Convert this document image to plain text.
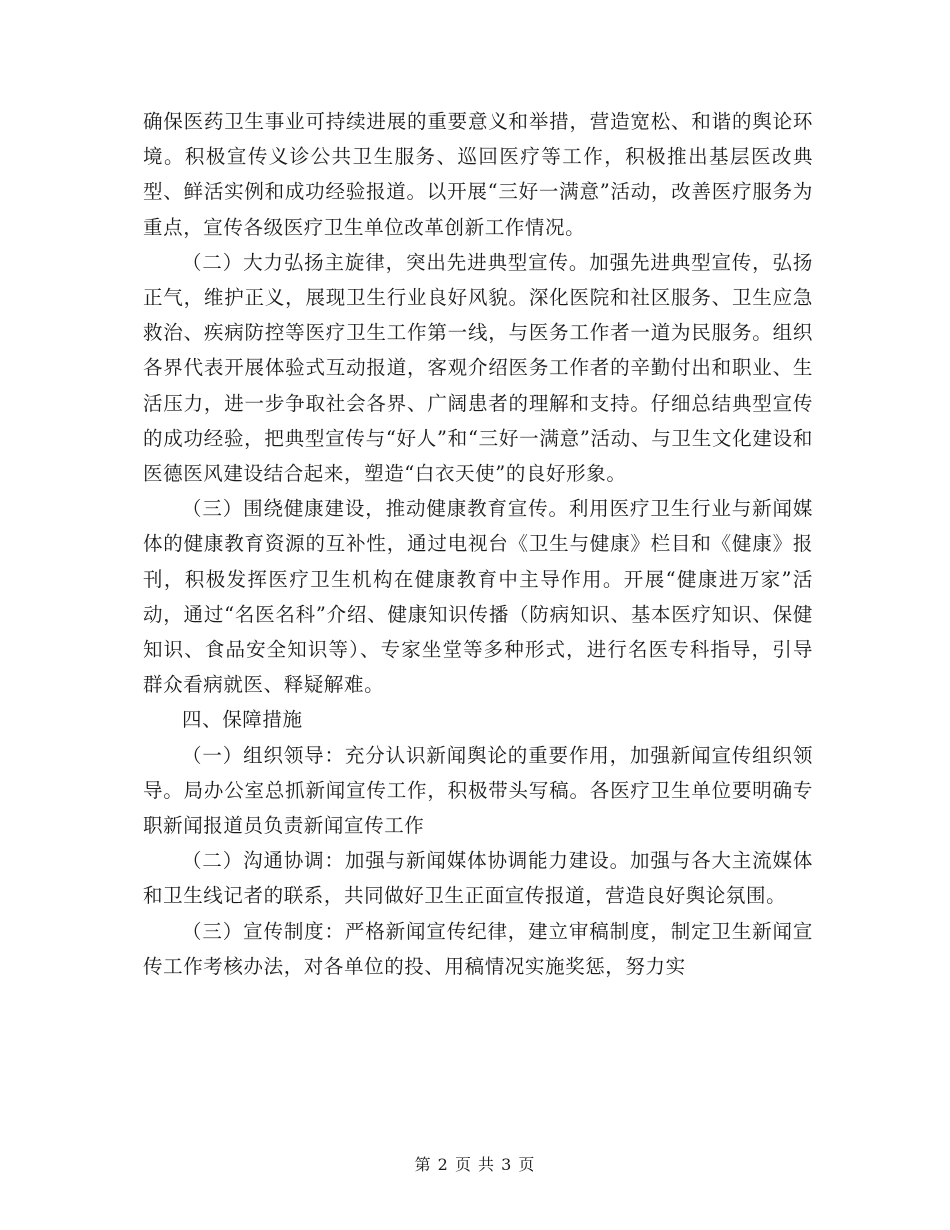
确保医药卫生事业可持续进展的重要意义和举措，营造宽松、和谐的舆论环境。积极宣传义诊公共卫生服务、巡回医疗等工作，积极推出基层医改典型、鲜活实例和成功经验报道。以开展“三好一满意”活动，改善医疗服务为重点，宣传各级医疗卫生单位改革创新工作情况。

（二）大力弘扬主旋律，突出先进典型宣传。加强先进典型宣传，弘扬正气，维护正义，展现卫生行业良好风貌。深化医院和社区服务、卫生应急救治、疾病防控等医疗卫生工作第一线，与医务工作者一道为民服务。组织各界代表开展体验式互动报道，客观介绍医务工作者的辛勤付出和职业、生活压力，进一步争取社会各界、广阔患者的理解和支持。仔细总结典型宣传的成功经验，把典型宣传与“好人”和“三好一满意”活动、与卫生文化建设和医德医风建设结合起来，塑造“白衣天使”的良好形象。

（三）围绕健康建设，推动健康教育宣传。利用医疗卫生行业与新闻媒体的健康教育资源的互补性，通过电视台《卫生与健康》栏目和《健康》报刊，积极发挥医疗卫生机构在健康教育中主导作用。开展“健康进万家”活动，通过“名医名科”介绍、健康知识传播（防病知识、基本医疗知识、保健知识、食品安全知识等）、专家坐堂等多种形式，进行名医专科指导，引导群众看病就医、释疑解难。

四、保障措施

（一）组织领导：充分认识新闻舆论的重要作用，加强新闻宣传组织领导。局办公室总抓新闻宣传工作，积极带头写稿。各医疗卫生单位要明确专职新闻报道员负责新闻宣传工作

（二）沟通协调：加强与新闻媒体协调能力建设。加强与各大主流媒体和卫生线记者的联系，共同做好卫生正面宣传报道，营造良好舆论氛围。

（三）宣传制度：严格新闻宣传纪律，建立审稿制度，制定卫生新闻宣传工作考核办法，对各单位的投、用稿情况实施奖惩，努力实

第 2 页 共 3 页
